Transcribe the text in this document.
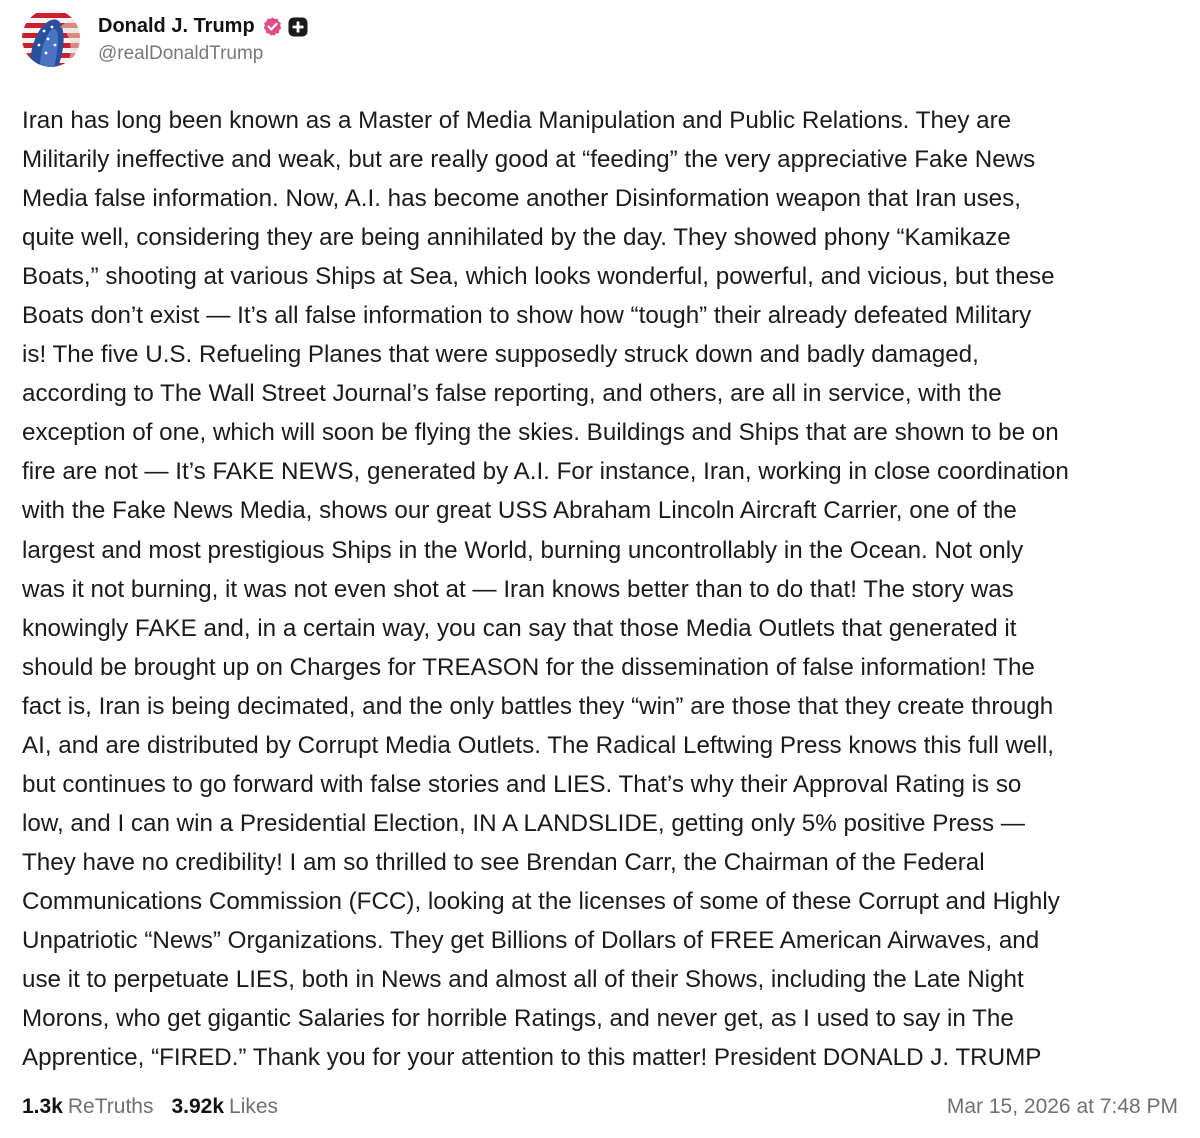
Donald J. Trump
@realDonaldTrump

Iran has long been known as a Master of Media Manipulation and Public Relations. They are
Militarily ineffective and weak, but are really good at “feeding” the very appreciative Fake News
Media false information. Now, A.I. has become another Disinformation weapon that Iran uses,
quite well, considering they are being annihilated by the day. They showed phony “Kamikaze
Boats,” shooting at various Ships at Sea, which looks wonderful, powerful, and vicious, but these
Boats don’t exist — It’s all false information to show how “tough” their already defeated Military
is! The five U.S. Refueling Planes that were supposedly struck down and badly damaged,
according to The Wall Street Journal’s false reporting, and others, are all in service, with the
exception of one, which will soon be flying the skies. Buildings and Ships that are shown to be on
fire are not — It’s FAKE NEWS, generated by A.I. For instance, Iran, working in close coordination
with the Fake News Media, shows our great USS Abraham Lincoln Aircraft Carrier, one of the
largest and most prestigious Ships in the World, burning uncontrollably in the Ocean. Not only
was it not burning, it was not even shot at — Iran knows better than to do that! The story was
knowingly FAKE and, in a certain way, you can say that those Media Outlets that generated it
should be brought up on Charges for TREASON for the dissemination of false information! The
fact is, Iran is being decimated, and the only battles they “win” are those that they create through
AI, and are distributed by Corrupt Media Outlets. The Radical Leftwing Press knows this full well,
but continues to go forward with false stories and LIES. That’s why their Approval Rating is so
low, and I can win a Presidential Election, IN A LANDSLIDE, getting only 5% positive Press —
They have no credibility! I am so thrilled to see Brendan Carr, the Chairman of the Federal
Communications Commission (FCC), looking at the licenses of some of these Corrupt and Highly
Unpatriotic “News” Organizations. They get Billions of Dollars of FREE American Airwaves, and
use it to perpetuate LIES, both in News and almost all of their Shows, including the Late Night
Morons, who get gigantic Salaries for horrible Ratings, and never get, as I used to say in The
Apprentice, “FIRED.” Thank you for your attention to this matter! President DONALD J. TRUMP

1.3k ReTruths 3.92k Likes	Mar 15, 2026 at 7:48 PM
